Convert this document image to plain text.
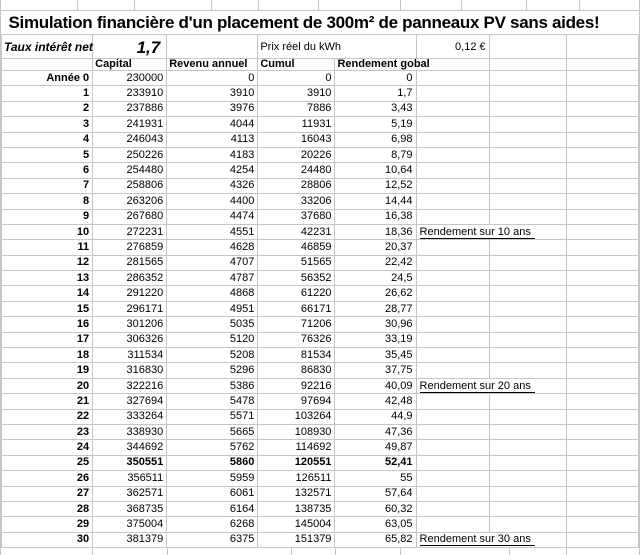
Simulation financière d'un placement de 300m² de panneaux PV sans aides!							
Taux intérêt net	1,7		Prix réel du kWh		0,12 €		
	Capital	Revenu annuel	Cumul	Rendement gobal			
Année 0	230000	0	0	0			
1	233910	3910	3910	1,7			
2	237886	3976	7886	3,43			
3	241931	4044	11931	5,19			
4	246043	4113	16043	6,98			
5	250226	4183	20226	8,79			
6	254480	4254	24480	10,64			
7	258806	4326	28806	12,52			
8	263206	4400	33206	14,44			
9	267680	4474	37680	16,38			
10	272231	4551	42231	18,36	Rendement sur 10 ans		
11	276859	4628	46859	20,37			
12	281565	4707	51565	22,42			
13	286352	4787	56352	24,5			
14	291220	4868	61220	26,62			
15	296171	4951	66171	28,77			
16	301206	5035	71206	30,96			
17	306326	5120	76326	33,19			
18	311534	5208	81534	35,45			
19	316830	5296	86830	37,75			
20	322216	5386	92216	40,09	Rendement sur 20 ans		
21	327694	5478	97694	42,48			
22	333264	5571	103264	44,9			
23	338930	5665	108930	47,36			
24	344692	5762	114692	49,87			
25	350551	5860	120551	52,41			
26	356511	5959	126511	55			
27	362571	6061	132571	57,64			
28	368735	6164	138735	60,32			
29	375004	6268	145004	63,05			
30	381379	6375	151379	65,82	Rendement sur 30 ans		
